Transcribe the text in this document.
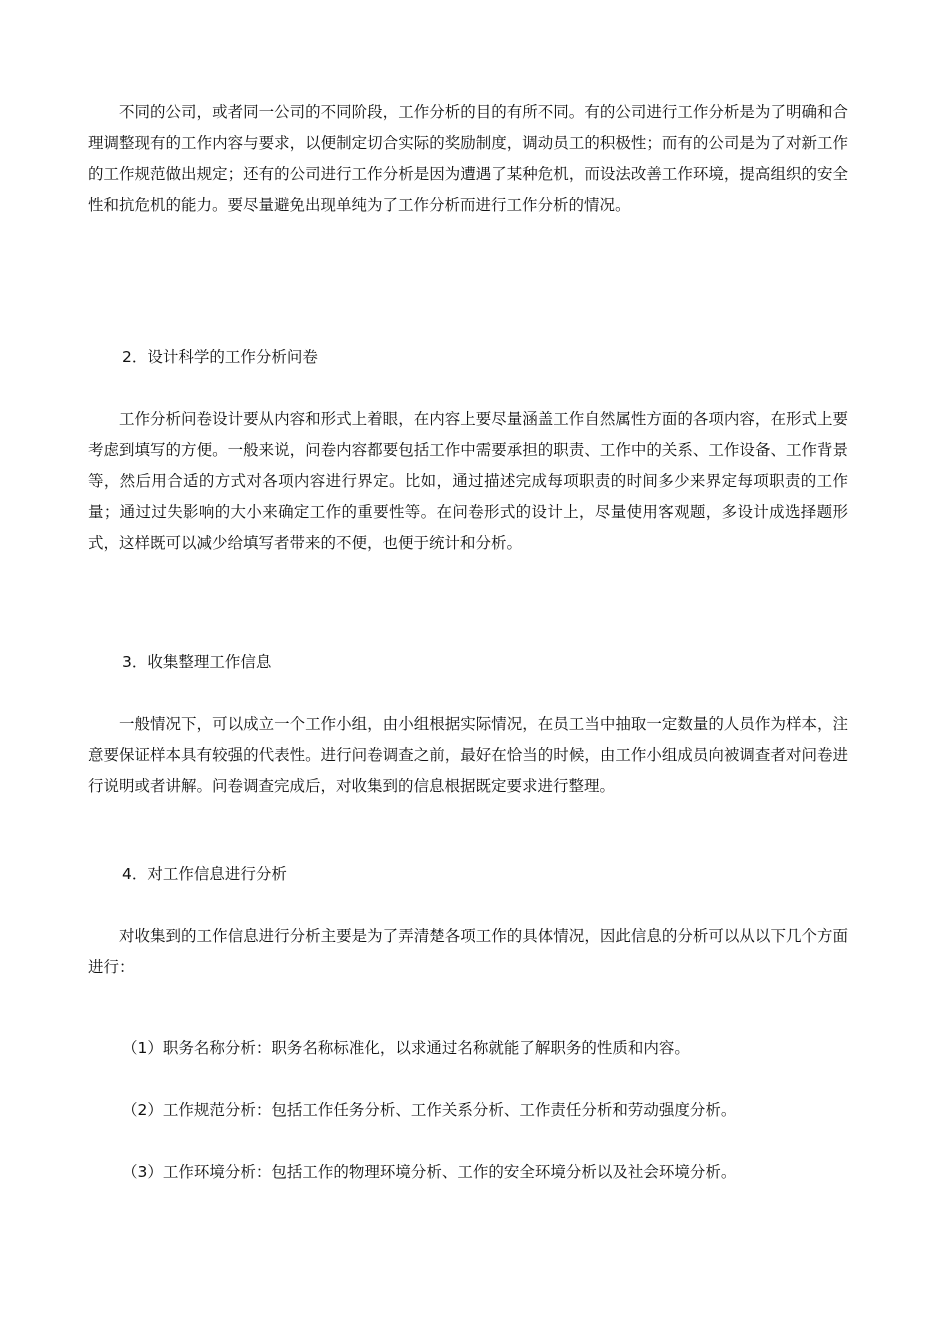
不同的公司，或者同一公司的不同阶段，工作分析的目的有所不同。有的公司进行工作分析是为了明确和合理调整现有的工作内容与要求，以便制定切合实际的奖励制度，调动员工的积极性；而有的公司是为了对新工作的工作规范做出规定；还有的公司进行工作分析是因为遭遇了某种危机，而设法改善工作环境，提高组织的安全性和抗危机的能力。要尽量避免出现单纯为了工作分析而进行工作分析的情况。

2．设计科学的工作分析问卷

工作分析问卷设计要从内容和形式上着眼，在内容上要尽量涵盖工作自然属性方面的各项内容，在形式上要考虑到填写的方便。一般来说，问卷内容都要包括工作中需要承担的职责、工作中的关系、工作设备、工作背景等，然后用合适的方式对各项内容进行界定。比如，通过描述完成每项职责的时间多少来界定每项职责的工作量；通过过失影响的大小来确定工作的重要性等。在问卷形式的设计上，尽量使用客观题，多设计成选择题形式，这样既可以减少给填写者带来的不便，也便于统计和分析。

3．收集整理工作信息

一般情况下，可以成立一个工作小组，由小组根据实际情况，在员工当中抽取一定数量的人员作为样本，注意要保证样本具有较强的代表性。进行问卷调查之前，最好在恰当的时候，由工作小组成员向被调查者对问卷进行说明或者讲解。问卷调查完成后，对收集到的信息根据既定要求进行整理。

4．对工作信息进行分析

对收集到的工作信息进行分析主要是为了弄清楚各项工作的具体情况，因此信息的分析可以从以下几个方面进行：

（1）职务名称分析：职务名称标准化，以求通过名称就能了解职务的性质和内容。

（2）工作规范分析：包括工作任务分析、工作关系分析、工作责任分析和劳动强度分析。

（3）工作环境分析：包括工作的物理环境分析、工作的安全环境分析以及社会环境分析。
